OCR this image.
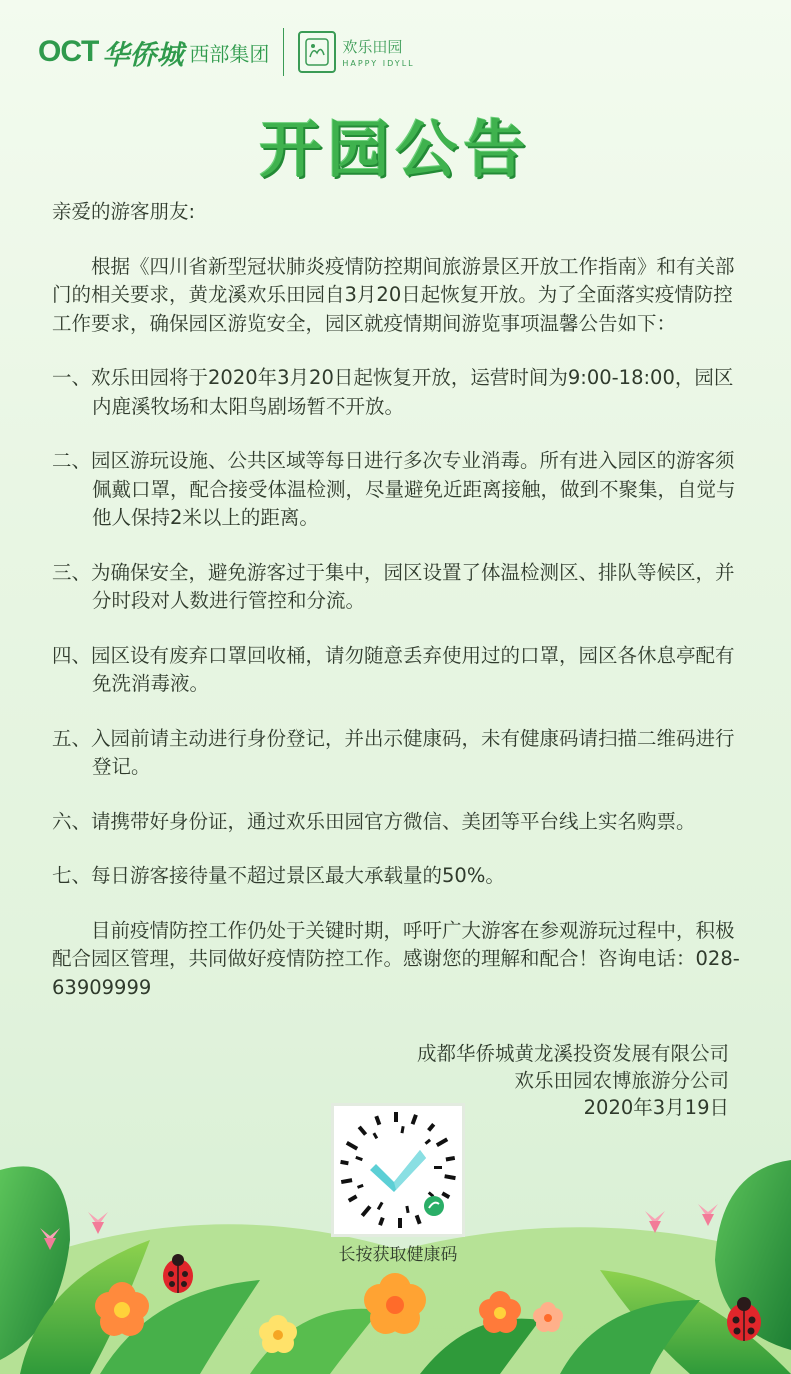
OCT 华侨城 西部集团	欢乐田园
HAPPY IDYLL
开园公告

亲爱的游客朋友:

根据《四川省新型冠状肺炎疫情防控期间旅游景区开放工作指南》和有关部门的相关要求，黄龙溪欢乐田园自3月20日起恢复开放。为了全面落实疫情防控工作要求，确保园区游览安全，园区就疫情期间游览事项温馨公告如下：

一、欢乐田园将于2020年3月20日起恢复开放，运营时间为9:00-18:00，园区内鹿溪牧场和太阳鸟剧场暂不开放。

二、园区游玩设施、公共区域等每日进行多次专业消毒。所有进入园区的游客须佩戴口罩，配合接受体温检测，尽量避免近距离接触，做到不聚集，自觉与他人保持2米以上的距离。

三、为确保安全，避免游客过于集中，园区设置了体温检测区、排队等候区，并分时段对人数进行管控和分流。

四、园区设有废弃口罩回收桶，请勿随意丢弃使用过的口罩，园区各休息亭配有免洗消毒液。

五、入园前请主动进行身份登记，并出示健康码，未有健康码请扫描二维码进行登记。

六、请携带好身份证，通过欢乐田园官方微信、美团等平台线上实名购票。

七、每日游客接待量不超过景区最大承载量的50%。

目前疫情防控工作仍处于关键时期，呼吁广大游客在参观游玩过程中，积极配合园区管理，共同做好疫情防控工作。感谢您的理解和配合！咨询电话：028-63909999

成都华侨城黄龙溪投资发展有限公司
欢乐田园农博旅游分公司
2020年3月19日
长按获取健康码
